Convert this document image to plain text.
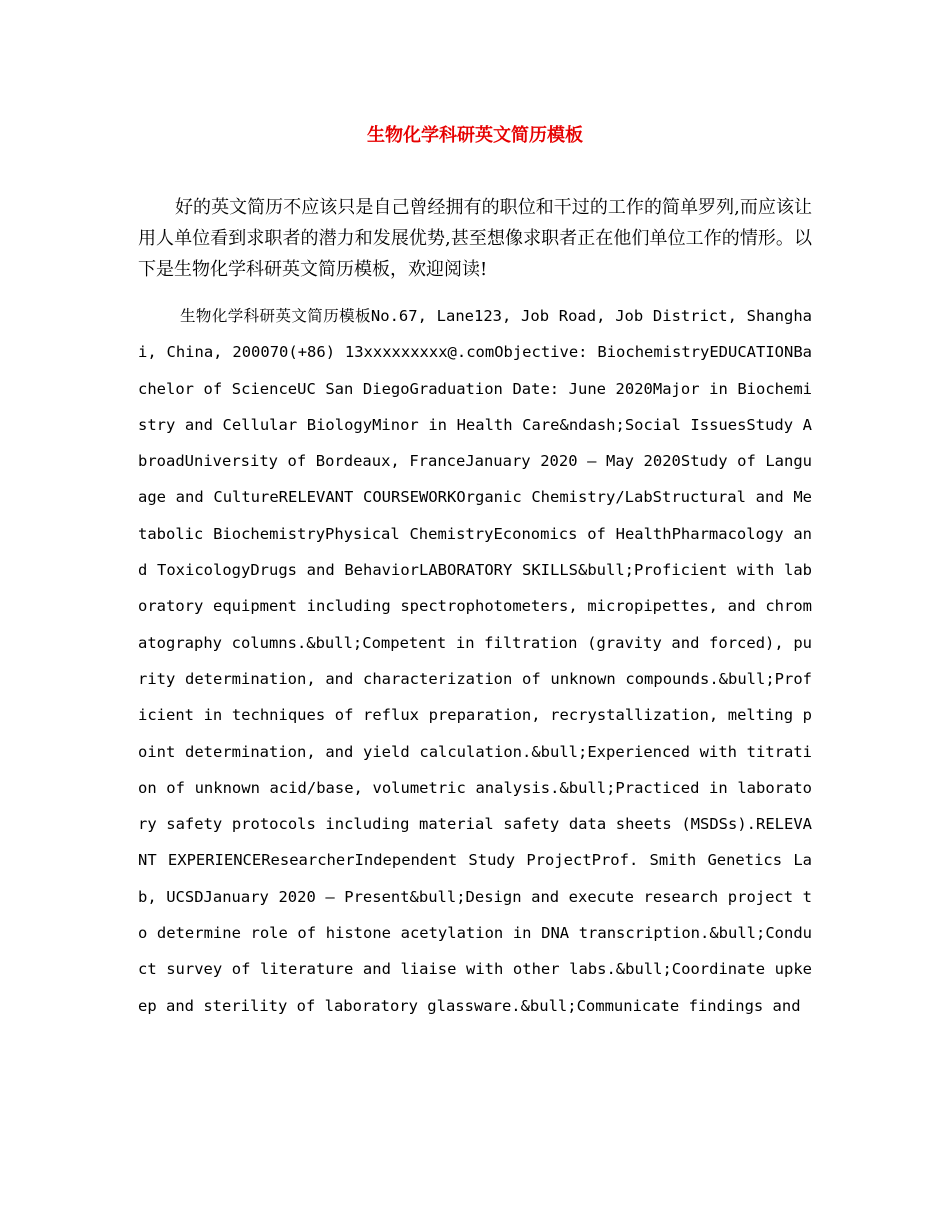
生物化学科研英文简历模板

好的英文简历不应该只是自己曾经拥有的职位和干过的工作的简单罗列,而应该让用人单位看到求职者的潜力和发展优势,甚至想像求职者正在他们单位工作的情形。以下是生物化学科研英文简历模板，欢迎阅读!

生物化学科研英文简历模板No.67, Lane123, Job Road, Job District, Shanghai, China, 200070(+86) 13xxxxxxxxx@.comObjective: BiochemistryEDUCATIONBachelor of ScienceUC San DiegoGraduation Date: June 2020Major in Biochemistry and Cellular BiologyMinor in Health Care&ndash;Social IssuesStudy AbroadUniversity of Bordeaux, FranceJanuary 2020 – May 2020Study of Language and CultureRELEVANT COURSEWORKOrganic Chemistry/LabStructural and Metabolic BiochemistryPhysical ChemistryEconomics of HealthPharmacology and ToxicologyDrugs and BehaviorLABORATORY SKILLS&bull;Proficient with laboratory equipment including spectrophotometers, micropipettes, and chromatography columns.&bull;Competent in filtration (gravity and forced), purity determination, and characterization of unknown compounds.&bull;Proficient in techniques of reflux preparation, recrystallization, melting point determination, and yield calculation.&bull;Experienced with titration of unknown acid/base, volumetric analysis.&bull;Practiced in laboratory safety protocols including material safety data sheets (MSDSs).RELEVANT EXPERIENCEResearcherIndependent Study ProjectProf. Smith Genetics Lab, UCSDJanuary 2020 – Present&bull;Design and execute research project to determine role of histone acetylation in DNA transcription.&bull;Conduct survey of literature and liaise with other labs.&bull;Coordinate upkeep and sterility of laboratory glassware.&bull;Communicate findings and
